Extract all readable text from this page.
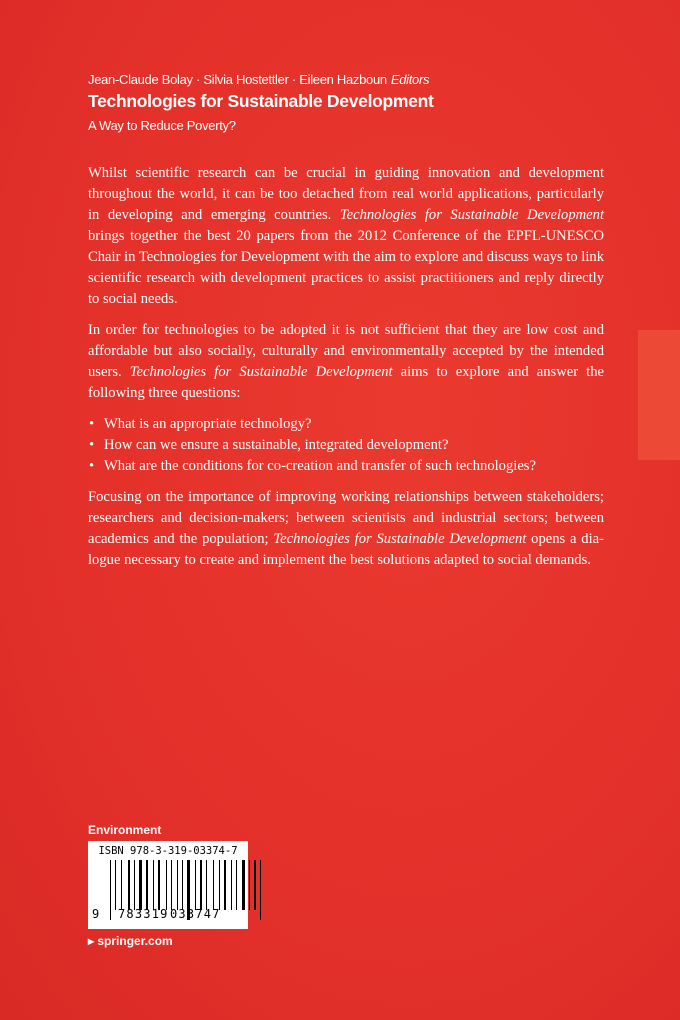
Jean-Claude Bolay · Silvia Hostettler · Eileen Hazboun Editors
Technologies for Sustainable Development
A Way to Reduce Poverty?

Whilst scientific research can be crucial in guiding innovation and development throughout the world, it can be too detached from real world applications, particularly in developing and emerging countries. Technologies for Sustainable Development brings together the best 20 papers from the 2012 Conference of the EPFL-UNESCO Chair in Technologies for Development with the aim to explore and discuss ways to link scientific research with development practices to assist practitioners and reply directly to social needs.

In order for technologies to be adopted it is not sufficient that they are low cost and affordable but also socially, culturally and environmentally accepted by the intended users. Technologies for Sustainable Development aims to explore and answer the following three questions:

• What is an appropriate technology?
• How can we ensure a sustainable, integrated development?
• What are the conditions for co-creation and transfer of such technologies?

Focusing on the importance of improving working relationships between stakeholders; researchers and decision-makers; between scientists and industrial sectors; between academics and the population; Technologies for Sustainable Development opens a dialogue necessary to create and implement the best solutions adapted to social demands.

Environment
ISBN 978-3-319-03374-7
9 783319 033747
▸ springer.com
